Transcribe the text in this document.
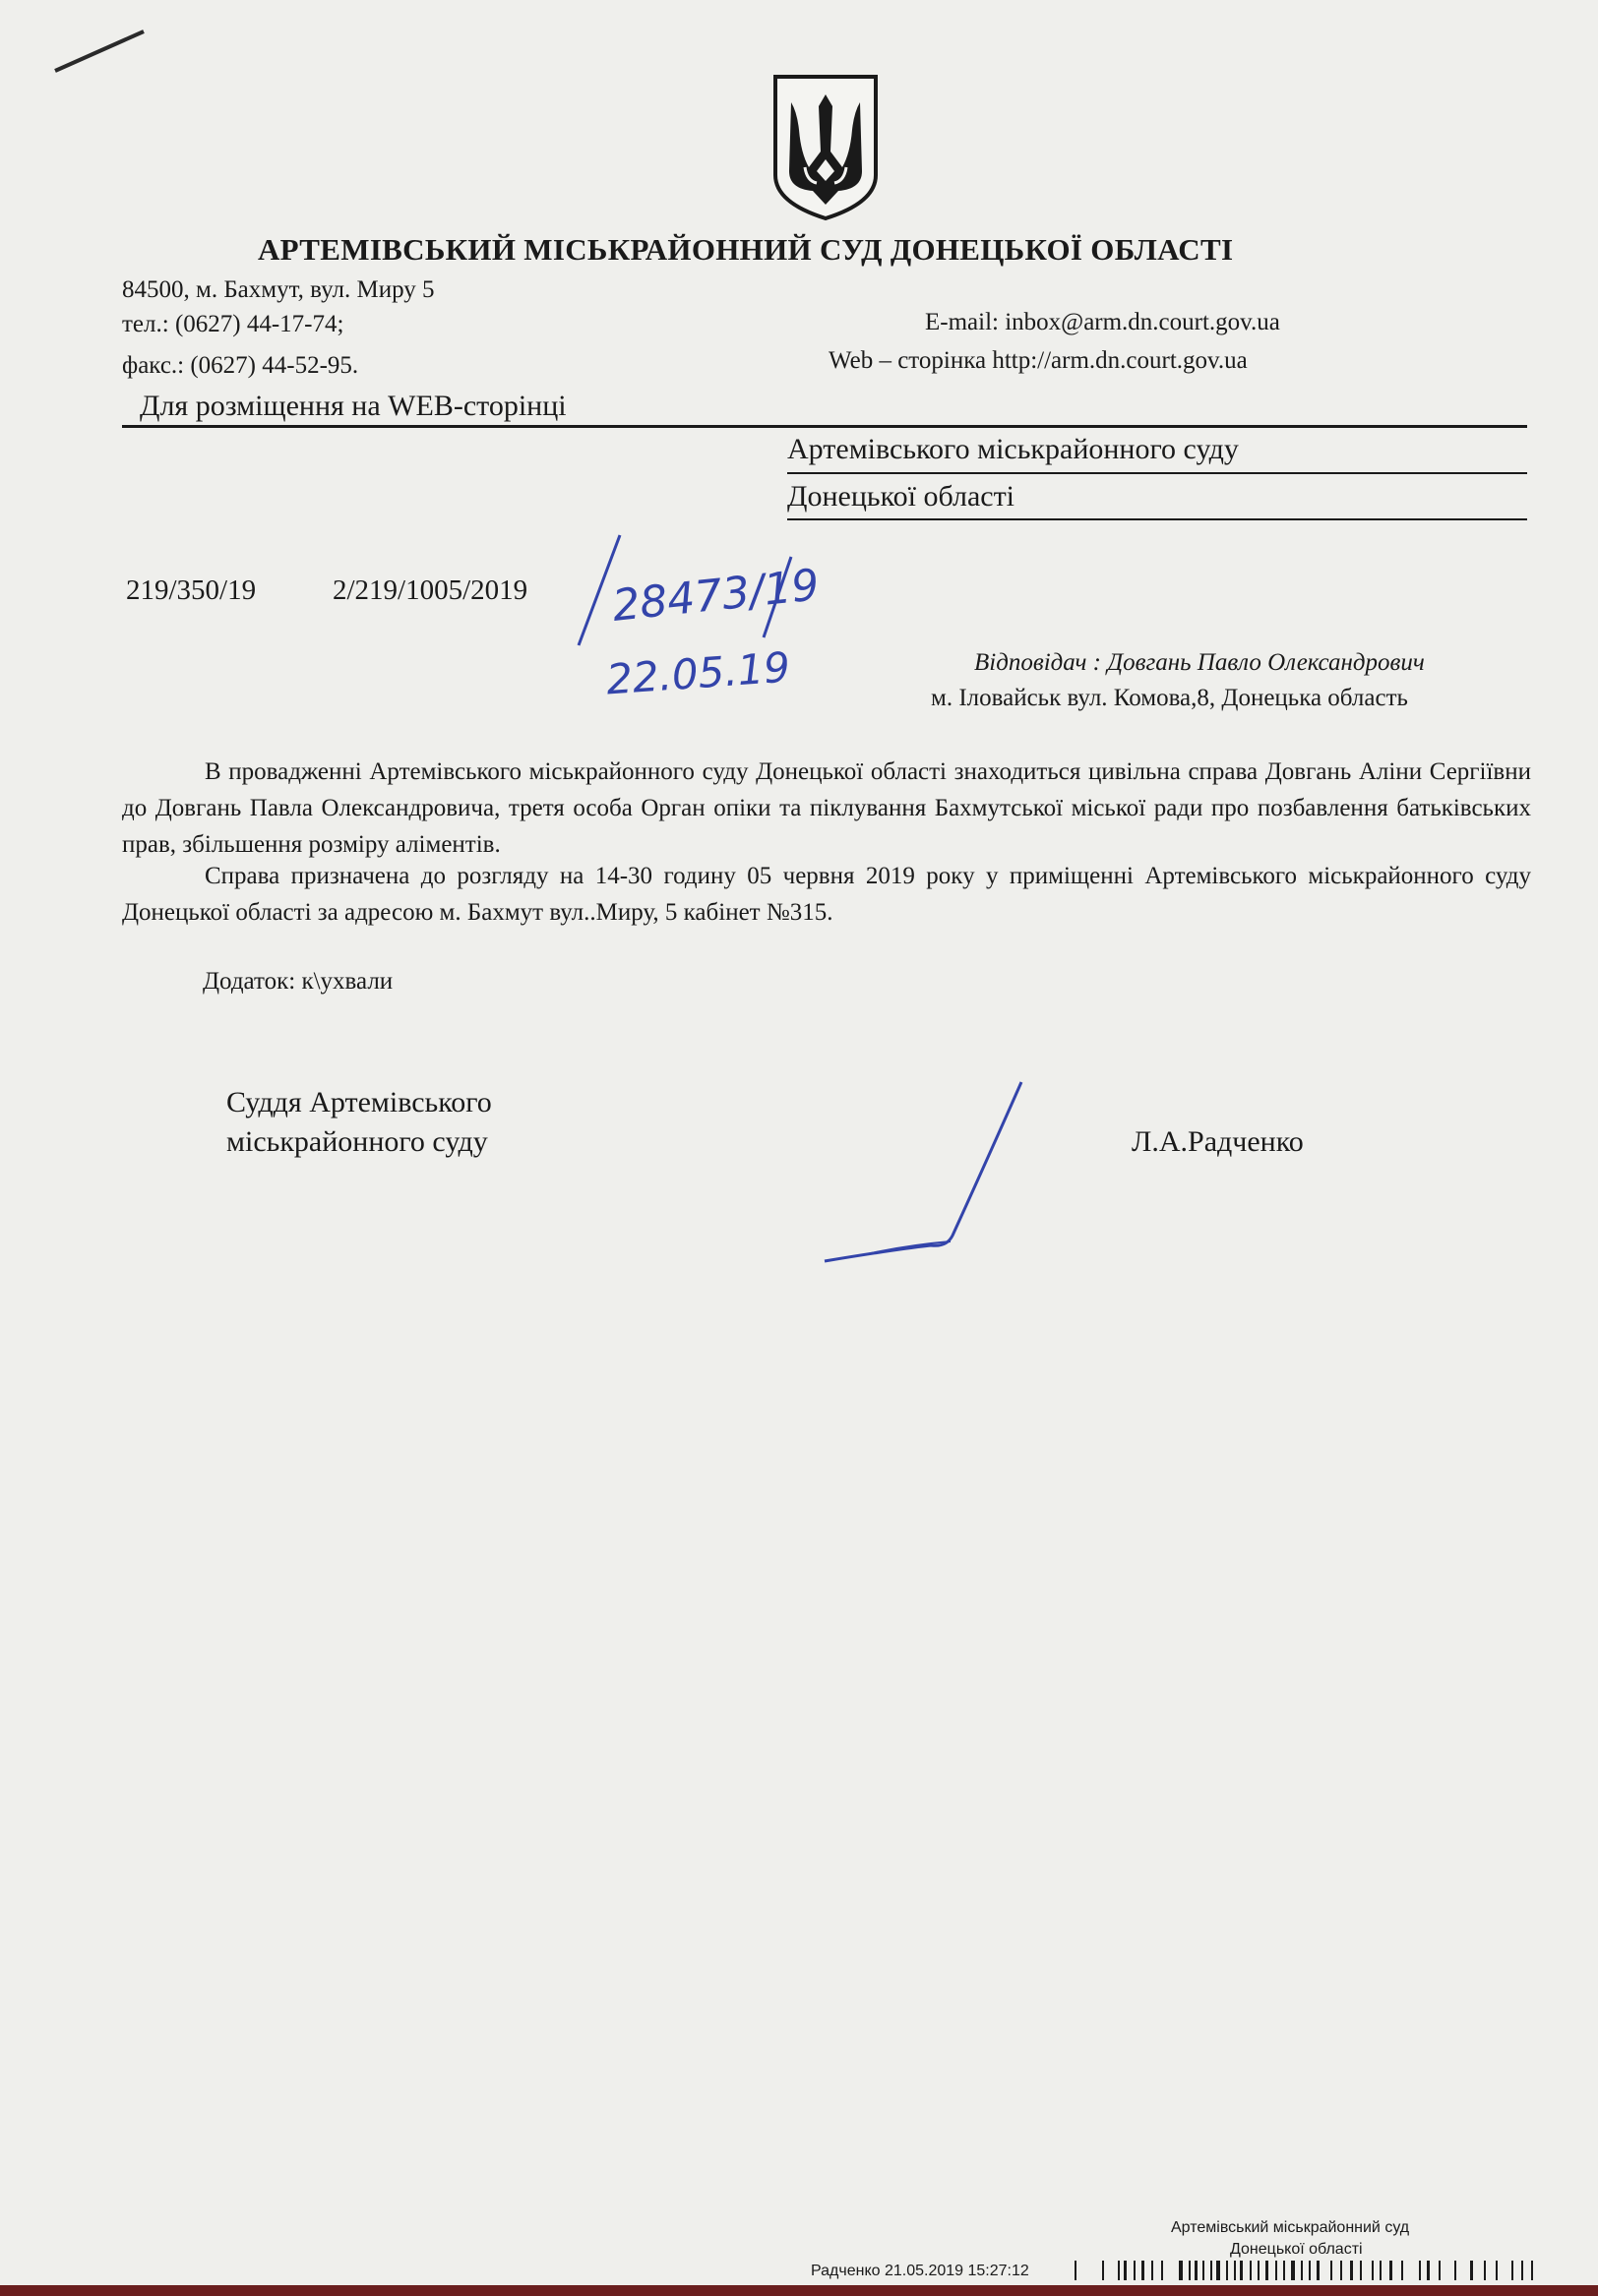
АРТЕМІВСЬКИЙ МІСЬКРАЙОННИЙ СУД ДОНЕЦЬКОЇ ОБЛАСТІ
84500, м. Бахмут, вул. Миру 5
тел.: (0627) 44-17-74;
факс.: (0627) 44-52-95.
E-mail: inbox@arm.dn.court.gov.ua
Web – сторінка http://arm.dn.court.gov.ua
Для розміщення на WEB-сторінці
Артемівського міськрайонного суду
Донецької області
219/350/19	2/219/1005/2019 28473/19
22.05.19	Відповідач : Довгань Павло Олександрович
м. Іловайськ вул. Комова,8, Донецька область
В провадженні Артемівського міськрайонного суду Донецької області знаходиться цивільна справа Довгань Аліни Сергіївни до Довгань Павла Олександровича, третя особа Орган опіки та піклування Бахмутської міської ради про позбавлення батьківських прав, збільшення розміру аліментів.
Справа призначена до розгляду на 14-30 годину 05 червня 2019 року у приміщенні Артемівського міськрайонного суду Донецької області за адресою м. Бахмут вул..Миру, 5 кабінет №315.
Додаток: к\ухвали
Суддя Артемівського
міськрайонного суду	Л.А.Радченко
Артемівський міськрайонний суд
Донецької області
Радченко 21.05.2019 15:27:12
